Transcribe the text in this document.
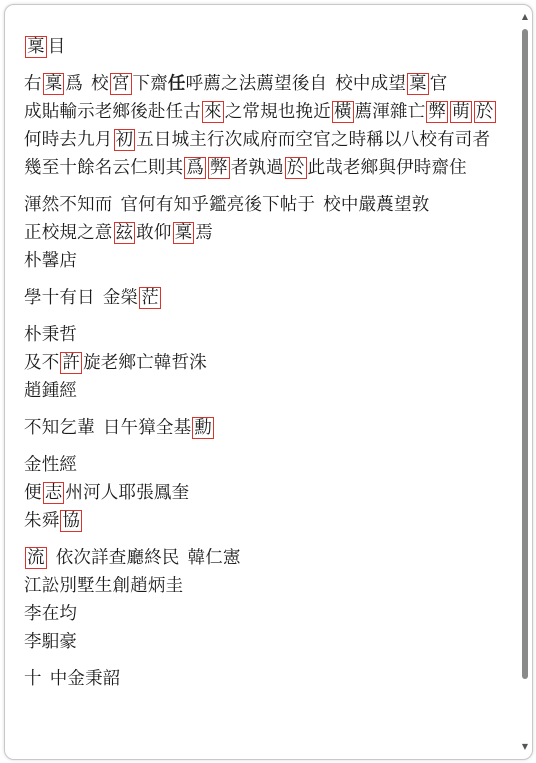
稟 目
右 稟 爲 校 宮 下齋任呼薦之法薦望後自 校中成望 稟 官
成貼輸示老鄉後赴任古 來 之常規也挽近 橫 薦渾雜亡 弊 萌 於
何時去九月 初 五日城主行次咸府而空官之時稱以八校有司者
幾至十餘名云仁則其 爲 弊 者孰過 於 此哉老鄉與伊時齋住
渾然不知而 官何有知乎鑑亮後下帖于 校中嚴蕽望敦
正校規之意 玆 敢仰 稟 焉
朴馨店
學十有日 金榮 茫
朴秉哲
及不 許 旋老鄉亡韓哲洙
趙鍾經
不知乞輩 日午獐全基 勳
金性經
便 志 州河人耶張鳳奎
朱舜 協
流 依次詳查廳終民 韓仁憲
江訟別墅生創趙炳圭
李在均
李馹豪
十 中金秉韶
▲
▼
